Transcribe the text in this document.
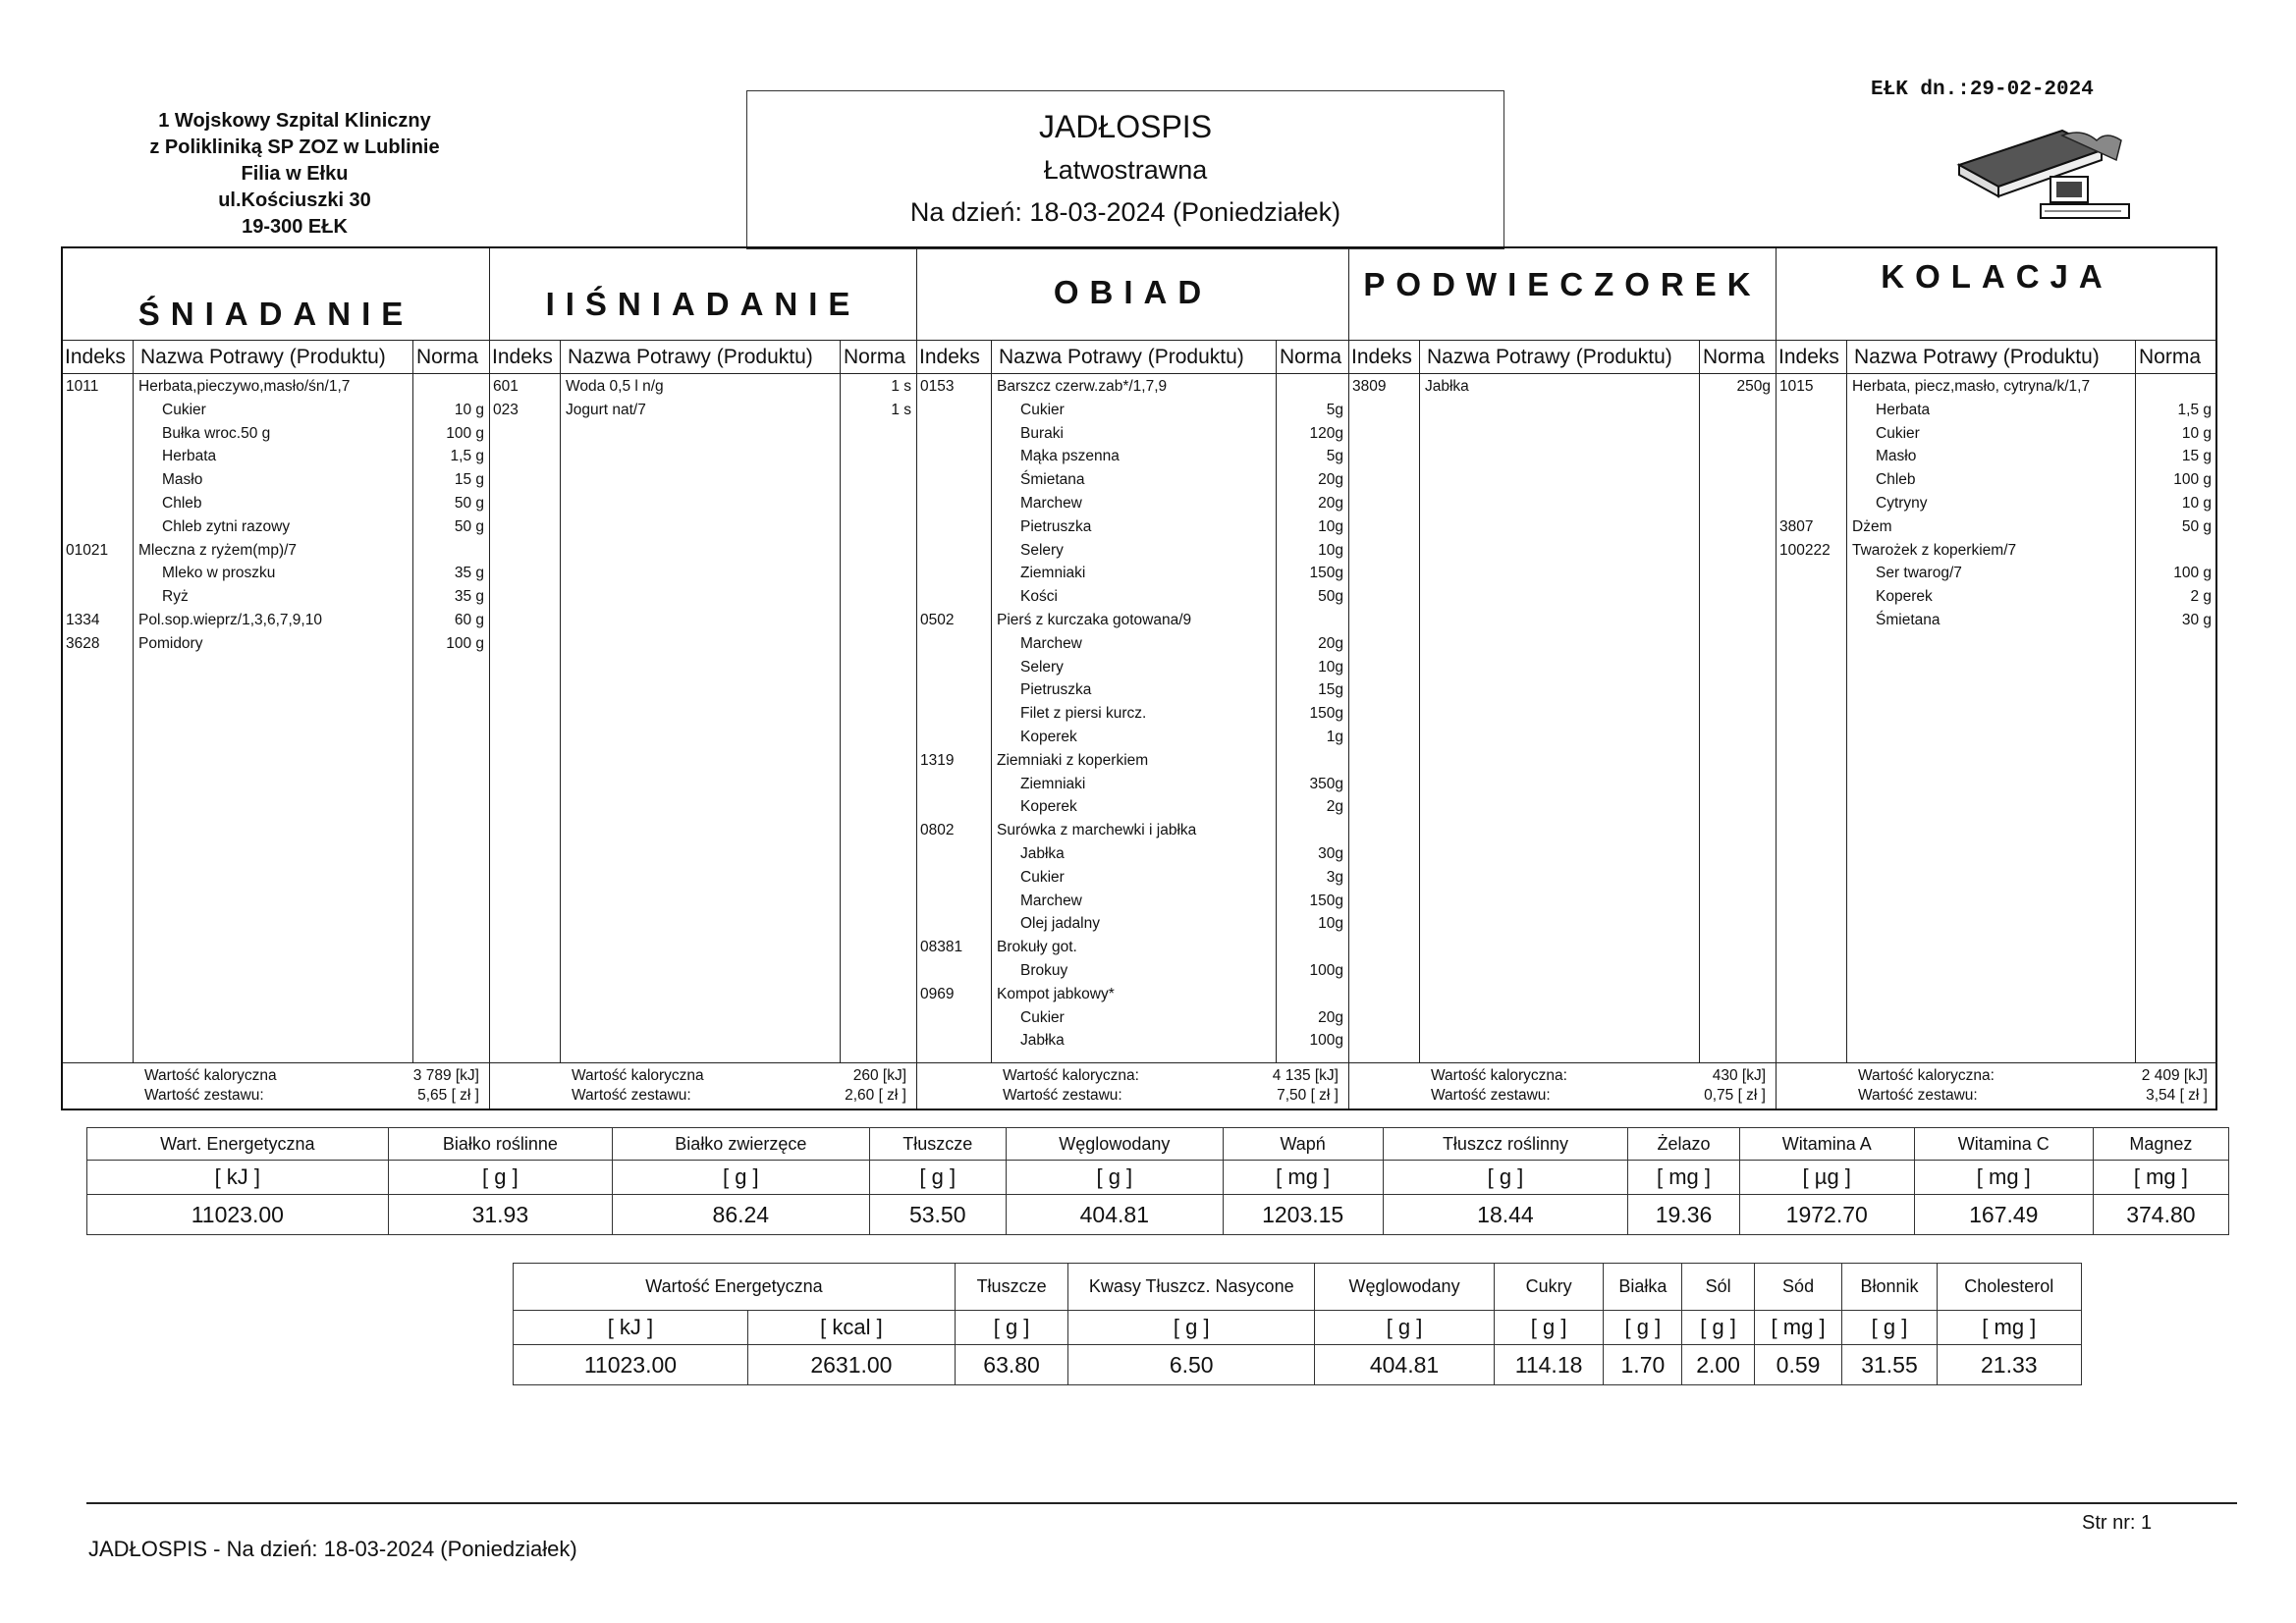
1 Wojskowy Szpital Kliniczny
z Polikliniką SP ZOZ w Lublinie
Filia w Ełku
ul.Kościuszki 30
19-300 EŁK
JADŁOSPIS
Łatwostrawna
Na dzień: 18-03-2024 (Poniedziałek)
EŁK dn.:29-02-2024
ŚNIADANIE
Indeks Nazwa Potrawy (Produktu) Norma
1011	Herbata,pieczywo,masło/śn/1,7
Cukier	10 g
Bułka wroc.50 g	100 g
Herbata	1,5 g
Masło	15 g
Chleb	50 g
Chleb zytni razowy	50 g
01021 Mleczna z ryżem(mp)/7
Mleko w proszku	35 g
Ryż	35 g
1334	Pol.sop.wieprz/1,3,6,7,9,10	60 g
3628	Pomidory	100 g
Wartość kaloryczna	3 789 [kJ]
Wartość zestawu:	5,65 [ zł ]
IIŚNIADANIE
Indeks Nazwa Potrawy (Produktu) Norma
601	Woda 0,5 l n/g	1 s
023	Jogurt nat/7	1 s
Wartość kaloryczna	260 [kJ]
Wartość zestawu:	2,60 [ zł ]
OBIAD
Indeks Nazwa Potrawy (Produktu) Norma
0153	Barszcz czerw.zab*/1,7,9
Cukier	5g
Buraki	120g
Mąka pszenna	5g
Śmietana	20g
Marchew	20g
Pietruszka	10g
Selery	10g
Ziemniaki	150g
Kości	50g
0502	Pierś z kurczaka gotowana/9
Marchew	20g
Selery	10g
Pietruszka	15g
Filet z piersi kurcz.	150g
Koperek	1g
1319	Ziemniaki z koperkiem
Ziemniaki	350g
Koperek	2g
0802	Surówka z marchewki i jabłka
Jabłka	30g
Cukier	3g
Marchew	150g
Olej jadalny	10g
08381 Brokuły got.
Brokuy	100g
0969	Kompot jabkowy*
Cukier	20g
Jabłka	100g
Wartość kaloryczna:	4 135 [kJ]
Wartość zestawu:	7,50 [ zł ]
PODWIECZOREK
Indeks Nazwa Potrawy (Produktu) Norma
3809	Jabłka	250g
Wartość kaloryczna:	430 [kJ]
Wartość zestawu:	0,75 [ zł ]
KOLACJA
Indeks Nazwa Potrawy (Produktu) Norma
1015	Herbata, piecz,masło, cytryna/k/1,7
Herbata	1,5 g
Cukier	10 g
Masło	15 g
Chleb	100 g
Cytryny	10 g
3807	Dżem	50 g
100222 Twarożek z koperkiem/7
Ser twarog/7	100 g
Koperek	2 g
Śmietana	30 g
Wartość kaloryczna:	2 409 [kJ]
Wartość zestawu:	3,54 [ zł ]
Wart. Energetyczna	Białko roślinne	Białko zwierzęce	Tłuszcze	Węglowodany	Wapń	Tłuszcz roślinny	Żelazo	Witamina A	Witamina C	Magnez
[ kJ ]	[ g ]	[ g ]	[ g ]	[ g ]	[ mg ]	[ g ]	[ mg ]	[ µg ]	[ mg ]	[ mg ]
11023.00	31.93	86.24	53.50	404.81	1203.15	18.44	19.36	1972.70	167.49	374.80
Wartość Energetyczna		Tłuszcze	Kwasy Tłuszcz. Nasycone	Węglowodany	Cukry	Białka	Sól	Sód	Błonnik	Cholesterol
[ kJ ]	[ kcal ]	[ g ]	[ g ]	[ g ]	[ g ]	[ g ]	[ g ]	[ mg ]	[ g ]	[ mg ]
11023.00	2631.00	63.80	6.50	404.81	114.18	1.70	2.00	0.59	31.55	21.33
Str nr: 1
JADŁOSPIS - Na dzień: 18-03-2024 (Poniedziałek)
